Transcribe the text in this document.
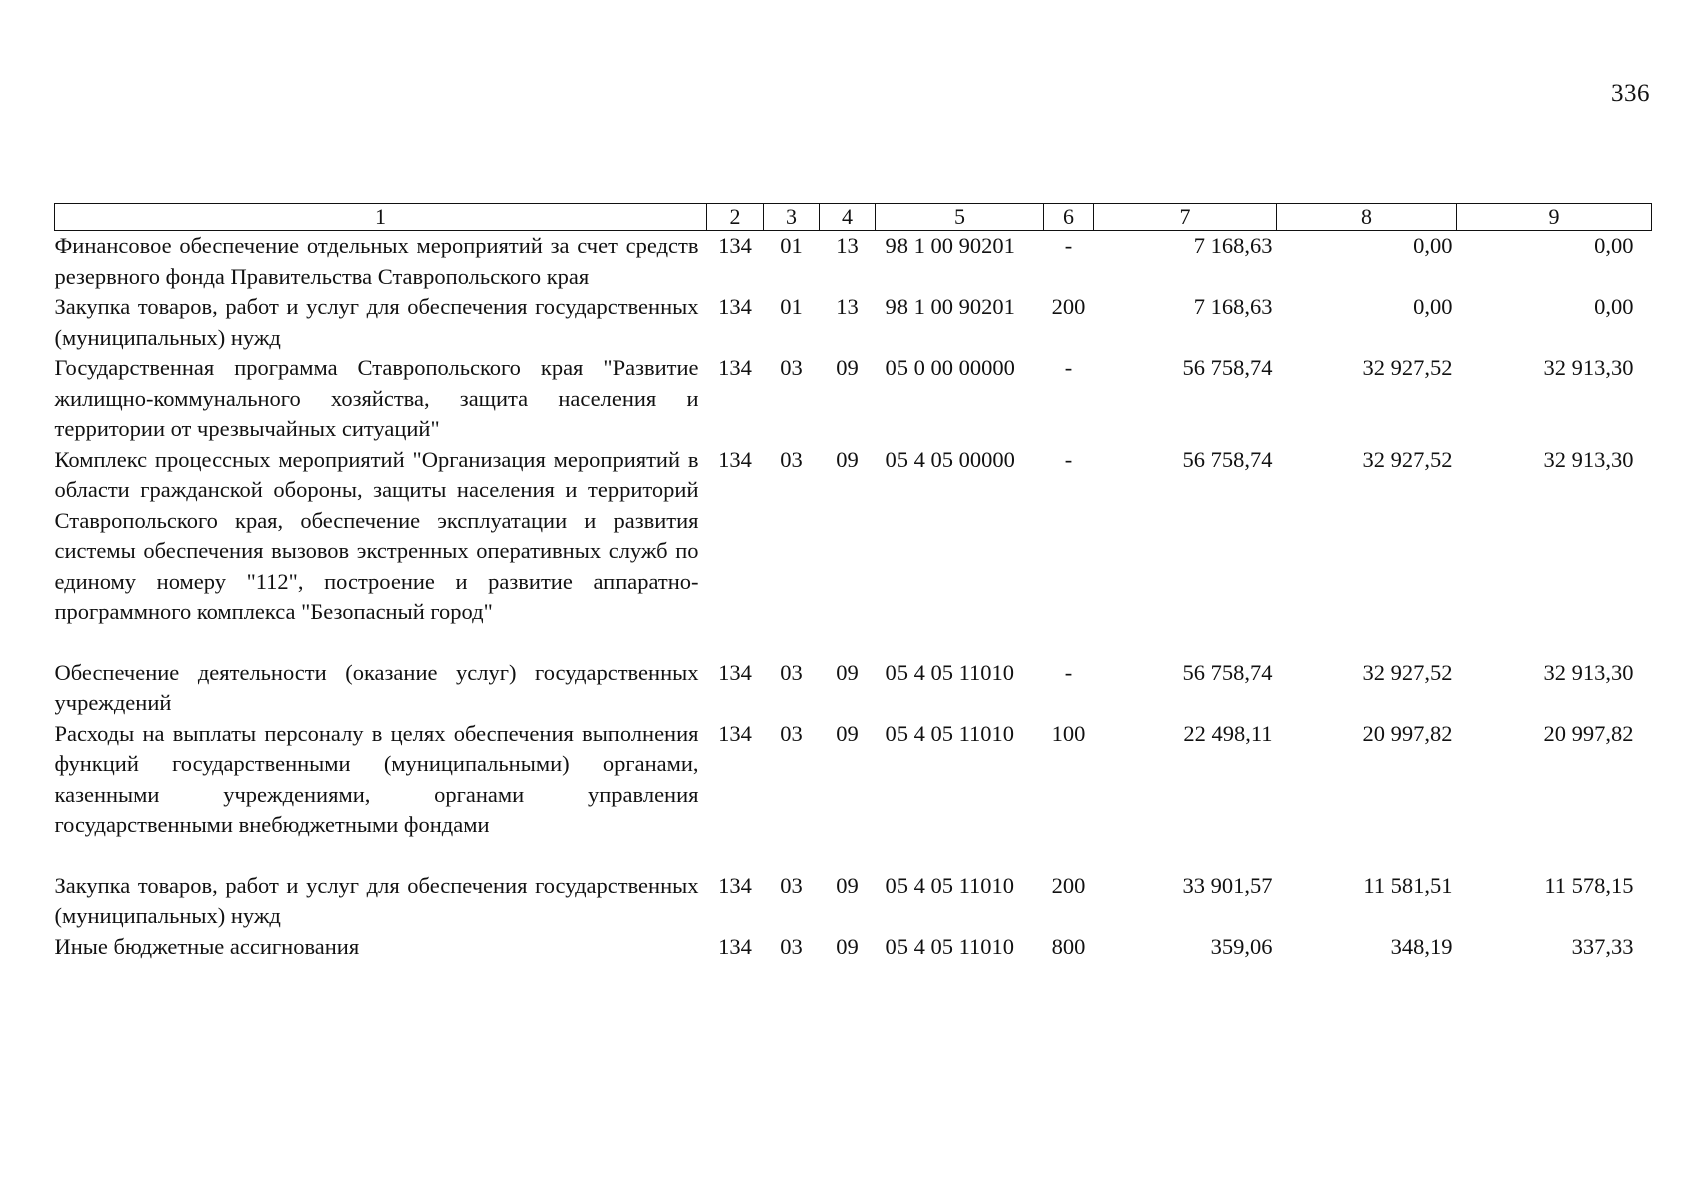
336
1	2	3	4	5	6	7	8	9
Финансовое обеспечение отдельных мероприятий за счет средств резервного фонда Правительства Ставропольского края	134	01	13	98 1 00 90201	-	7 168,63	0,00	0,00
Закупка товаров, работ и услуг для обеспечения государственных (муниципальных) нужд	134	01	13	98 1 00 90201	200	7 168,63	0,00	0,00
Государственная программа Ставропольского края "Развитие жилищно-коммунального хозяйства, защита населения и территории от чрезвычайных ситуаций"	134	03	09	05 0 00 00000	-	56 758,74	32 927,52	32 913,30
Комплекс процессных мероприятий "Организация мероприятий в области гражданской обороны, защиты населения и территорий Ставропольского края, обеспечение эксплуатации и развития системы обеспечения вызовов экстренных оперативных служб по единому номеру "112", построение и развитие аппаратно-программного комплекса "Безопасный город"	134	03	09	05 4 05 00000	-	56 758,74	32 927,52	32 913,30
Обеспечение деятельности (оказание услуг) государственных учреждений	134	03	09	05 4 05 11010	-	56 758,74	32 927,52	32 913,30
Расходы на выплаты персоналу в целях обеспечения выполнения функций государственными (муниципальными) органами, казенными учреждениями, органами управления государственными внебюджетными фондами	134	03	09	05 4 05 11010	100	22 498,11	20 997,82	20 997,82
Закупка товаров, работ и услуг для обеспечения государственных (муниципальных) нужд	134	03	09	05 4 05 11010	200	33 901,57	11 581,51	11 578,15
Иные бюджетные ассигнования	134	03	09	05 4 05 11010	800	359,06	348,19	337,33
